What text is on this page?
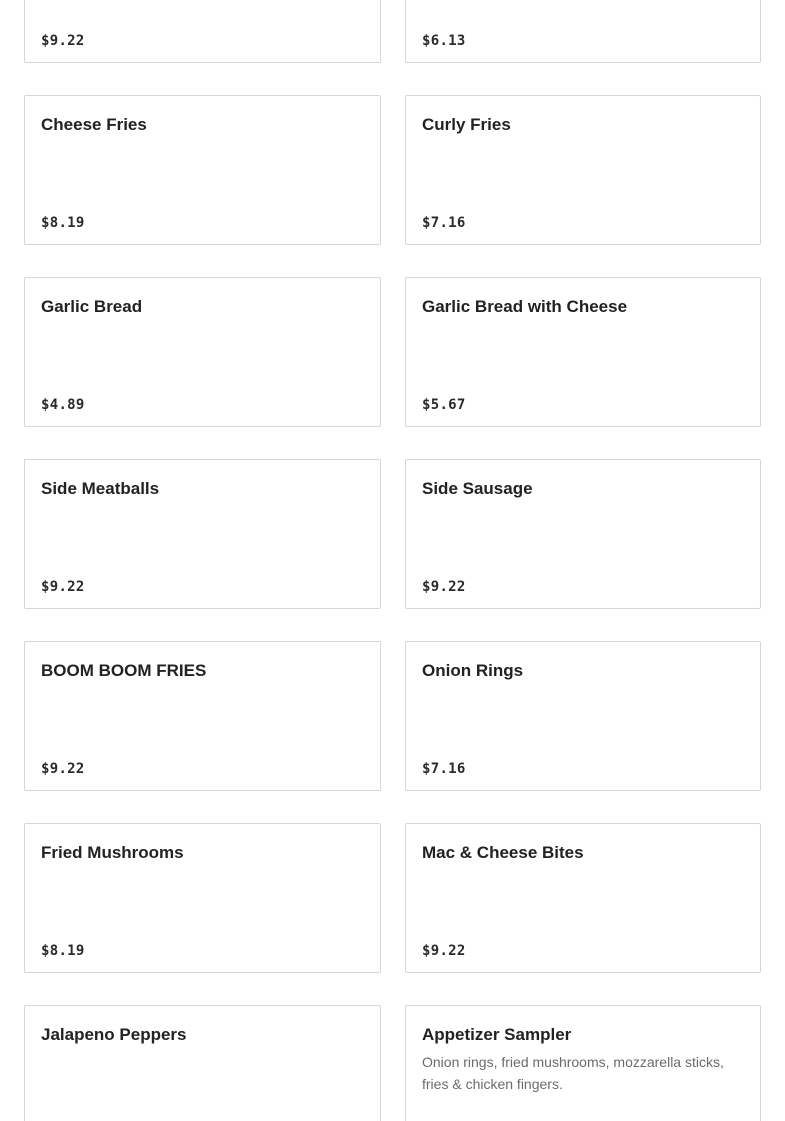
$9.22	$6.13
Cheese Fries
$8.19
Curly Fries
$7.16
Garlic Bread
$4.89
Garlic Bread with Cheese
$5.67
Side Meatballs
$9.22
Side Sausage
$9.22
BOOM BOOM FRIES
$9.22
Onion Rings
$7.16
Fried Mushrooms
$8.19
Mac & Cheese Bites
$9.22
Jalapeno Peppers	Appetizer Sampler
Onion rings, fried mushrooms, mozzarella sticks, fries & chicken fingers.
